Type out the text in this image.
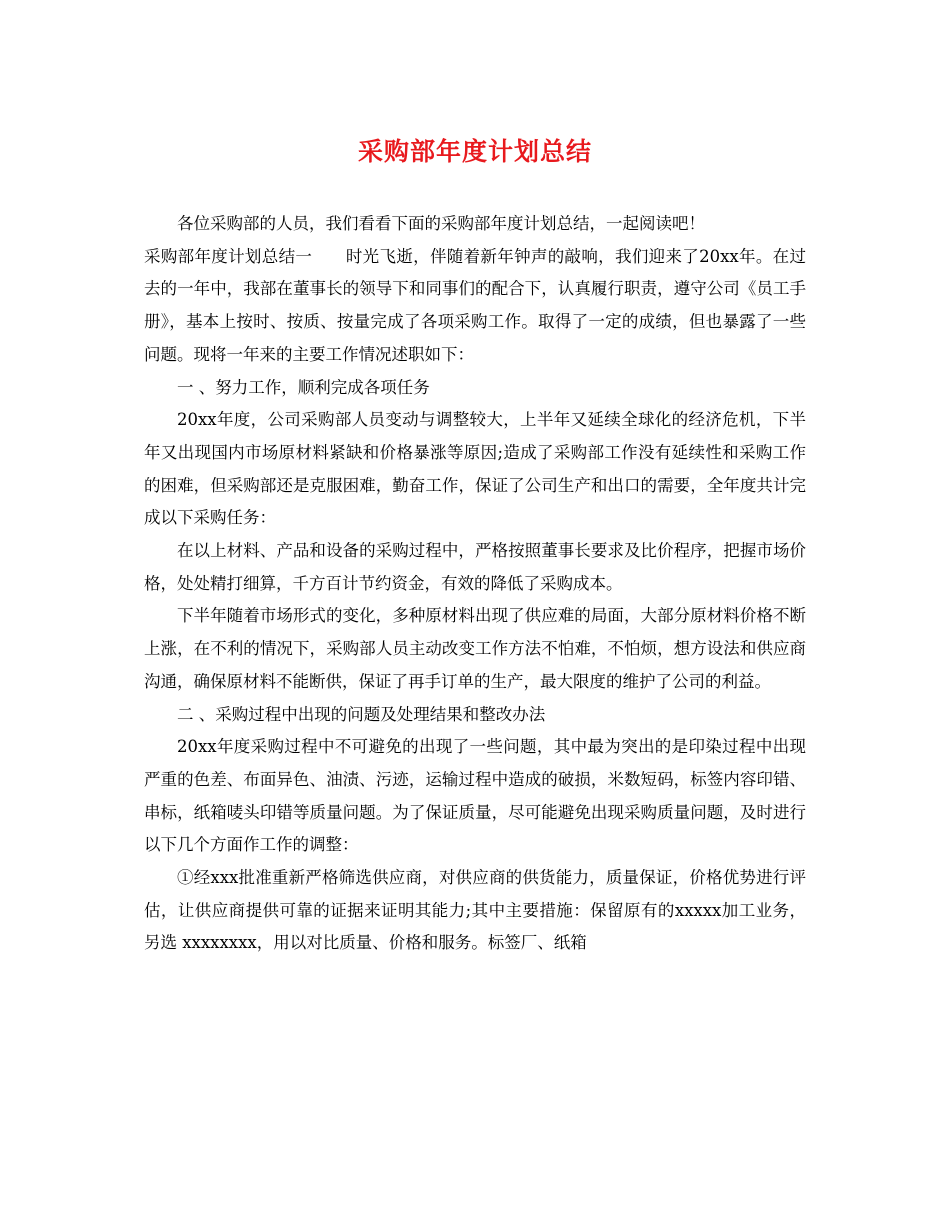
采购部年度计划总结

各位采购部的人员，我们看看下面的采购部年度计划总结，一起阅读吧！

采购部年度计划总结一　　时光飞逝，伴随着新年钟声的敲响，我们迎来了20xx年。在过去的一年中，我部在董事长的领导下和同事们的配合下，认真履行职责，遵守公司《员工手册》，基本上按时、按质、按量完成了各项采购工作。取得了一定的成绩，但也暴露了一些问题。现将一年来的主要工作情况述职如下：

一 、努力工作，顺利完成各项任务

20xx年度，公司采购部人员变动与调整较大，上半年又延续全球化的经济危机，下半年又出现国内市场原材料紧缺和价格暴涨等原因;造成了采购部工作没有延续性和采购工作的困难，但采购部还是克服困难，勤奋工作，保证了公司生产和出口的需要，全年度共计完成以下采购任务：

在以上材料、产品和设备的采购过程中，严格按照董事长要求及比价程序，把握市场价格，处处精打细算，千方百计节约资金，有效的降低了采购成本。

下半年随着市场形式的变化，多种原材料出现了供应难的局面，大部分原材料价格不断上涨，在不利的情况下，采购部人员主动改变工作方法不怕难，不怕烦，想方设法和供应商沟通，确保原材料不能断供，保证了再手订单的生产，最大限度的维护了公司的利益。

二 、采购过程中出现的问题及处理结果和整改办法

20xx年度采购过程中不可避免的出现了一些问题，其中最为突出的是印染过程中出现严重的色差、布面异色、油渍、污迹，运输过程中造成的破损，米数短码，标签内容印错、串标，纸箱唛头印错等质量问题。为了保证质量，尽可能避免出现采购质量问题，及时进行以下几个方面作工作的调整：

①经xxx批准重新严格筛选供应商，对供应商的供货能力，质量保证，价格优势进行评估，让供应商提供可靠的证据来证明其能力;其中主要措施：保留原有的xxxxx加工业务，另选 xxxxxxxx，用以对比质量、价格和服务。标签厂、纸箱
